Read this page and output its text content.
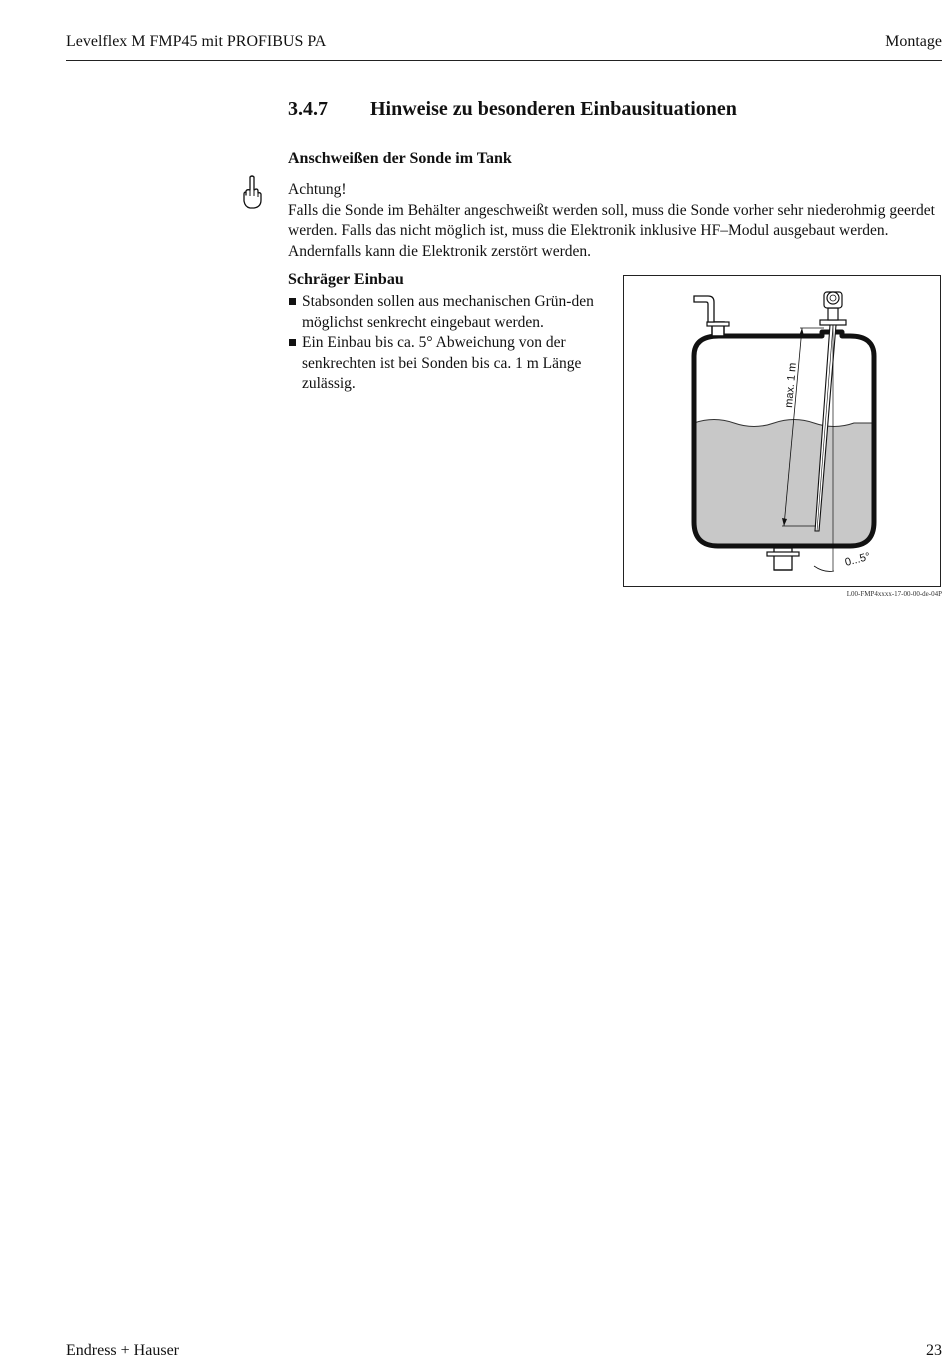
Levelflex M FMP45 mit PROFIBUS PA	Montage
3.4.7 Hinweise zu besonderen Einbausituationen
Anschweißen der Sonde im Tank

Achtung!

Falls die Sonde im Behälter angeschweißt werden soll, muss die Sonde vorher sehr niederohmig geerdet werden. Falls das nicht möglich ist, muss die Elektronik inklusive HF–Modul ausgebaut werden. Andernfalls kann die Elektronik zerstört werden.

Schräger Einbau
Stabsonden sollen aus mechanischen Grün-den möglichst senkrecht eingebaut werden.
Ein Einbau bis ca. 5° Abweichung von der senkrechten ist bei Sonden bis ca. 1 m Länge zulässig.	max. 1 m
0...5°
L00-FMP4xxxx-17-00-00-de-04P
Endress + Hauser	23
